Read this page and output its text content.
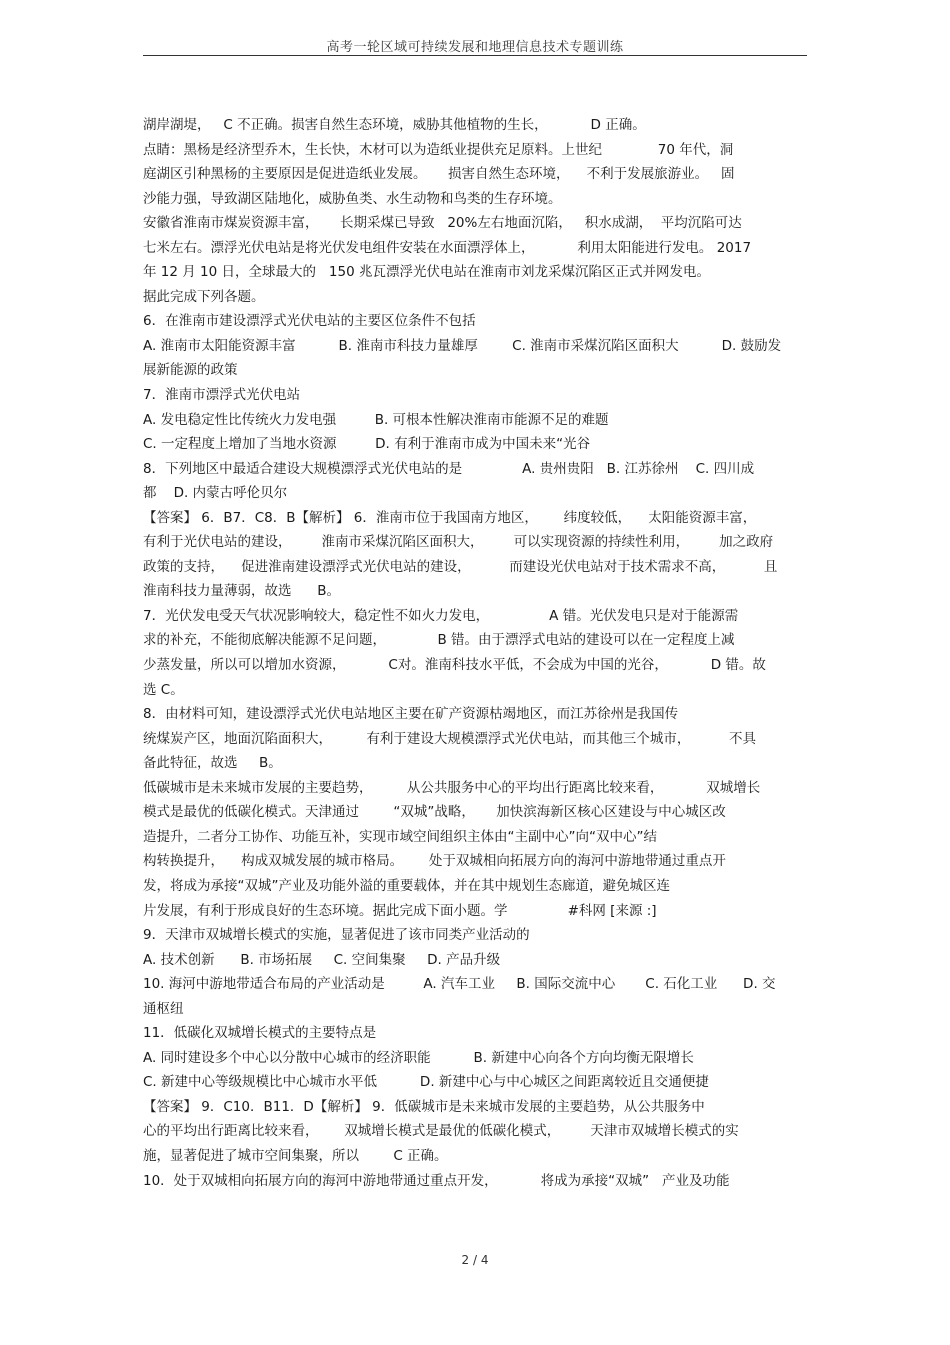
高考一轮区域可持续发展和地理信息技术专题训练
湖岸湖堤，   C 不正确。损害自然生态环境，威胁其他植物的生长，          D 正确。
点睛：黑杨是经济型乔木，生长快，木材可以为造纸业提供充足原料。上世纪             70 年代，洞
庭湖区引种黑杨的主要原因是促进造纸业发展。     损害自然生态环境，    不利于发展旅游业。   固
沙能力强，导致湖区陆地化，威胁鱼类、水生动物和鸟类的生存环境。
安徽省淮南市煤炭资源丰富，     长期采煤已导致   20%左右地面沉陷，   积水成湖，  平均沉陷可达
七米左右。漂浮光伏电站是将光伏发电组件安装在水面漂浮体上，          利用太阳能进行发电。 2017
年 12 月 10 日，全球最大的   150 兆瓦漂浮光伏电站在淮南市刘龙采煤沉陷区正式并网发电。
据此完成下列各题。
6．在淮南市建设漂浮式光伏电站的主要区位条件不包括
A. 淮南市太阳能资源丰富          B. 淮南市科技力量雄厚        C. 淮南市采煤沉陷区面积大          D. 鼓励发
展新能源的政策
7．淮南市漂浮式光伏电站
A. 发电稳定性比传统火力发电强         B. 可根本性解决淮南市能源不足的难题
C. 一定程度上增加了当地水资源         D. 有利于淮南市成为中国未来“光谷
8．下列地区中最适合建设大规模漂浮式光伏电站的是              A. 贵州贵阳   B. 江苏徐州    C. 四川成
都    D. 内蒙古呼伦贝尔
【答案】 6．B7．C8．B【解析】 6．淮南市位于我国南方地区，      纬度较低，    太阳能资源丰富，
有利于光伏电站的建设，       淮南市采煤沉陷区面积大，       可以实现资源的持续性利用，       加之政府
政策的支持，    促进淮南建设漂浮式光伏电站的建设，         而建设光伏电站对于技术需求不高，         且
淮南科技力量薄弱，故选      B。
7．光伏发电受天气状况影响较大，稳定性不如火力发电，              A 错。光伏发电只是对于能源需
求的补充，不能彻底解决能源不足问题，            B 错。由于漂浮式电站的建设可以在一定程度上减
少蒸发量，所以可以增加水资源，          C对。淮南科技水平低，不会成为中国的光谷，          D 错。故
选 C。
8．由材料可知，建设漂浮式光伏电站地区主要在矿产资源枯竭地区，而江苏徐州是我国传
统煤炭产区，地面沉陷面积大，        有利于建设大规模漂浮式光伏电站，而其他三个城市，         不具
备此特征，故选     B。
低碳城市是未来城市发展的主要趋势，        从公共服务中心的平均出行距离比较来看，          双城增长
模式是最优的低碳化模式。天津通过        “双城”战略，     加快滨海新区核心区建设与中心城区改
造提升，二者分工协作、功能互补，实现市域空间组织主体由“主副中心”向“双中心”结
构转换提升，    构成双城发展的城市格局。      处于双城相向拓展方向的海河中游地带通过重点开
发，将成为承接“双城”产业及功能外溢的重要载体，并在其中规划生态廊道，避免城区连
片发展，有利于形成良好的生态环境。据此完成下面小题。学              #科网 [来源 :]
9．天津市双城增长模式的实施，显著促进了该市同类产业活动的
A. 技术创新      B. 市场拓展     C. 空间集聚     D. 产品升级
10. 海河中游地带适合布局的产业活动是         A. 汽车工业     B. 国际交流中心       C. 石化工业      D. 交
通枢纽
11．低碳化双城增长模式的主要特点是
A. 同时建设多个中心以分散中心城市的经济职能          B. 新建中心向各个方向均衡无限增长
C. 新建中心等级规模比中心城市水平低          D. 新建中心与中心城区之间距离较近且交通便捷
【答案】 9．C10．B11．D【解析】 9．低碳城市是未来城市发展的主要趋势，从公共服务中
心的平均出行距离比较来看，      双城增长模式是最优的低碳化模式，       天津市双城增长模式的实
施，显著促进了城市空间集聚，所以        C 正确。
10．处于双城相向拓展方向的海河中游地带通过重点开发，          将成为承接“双城”   产业及功能
2 / 4
